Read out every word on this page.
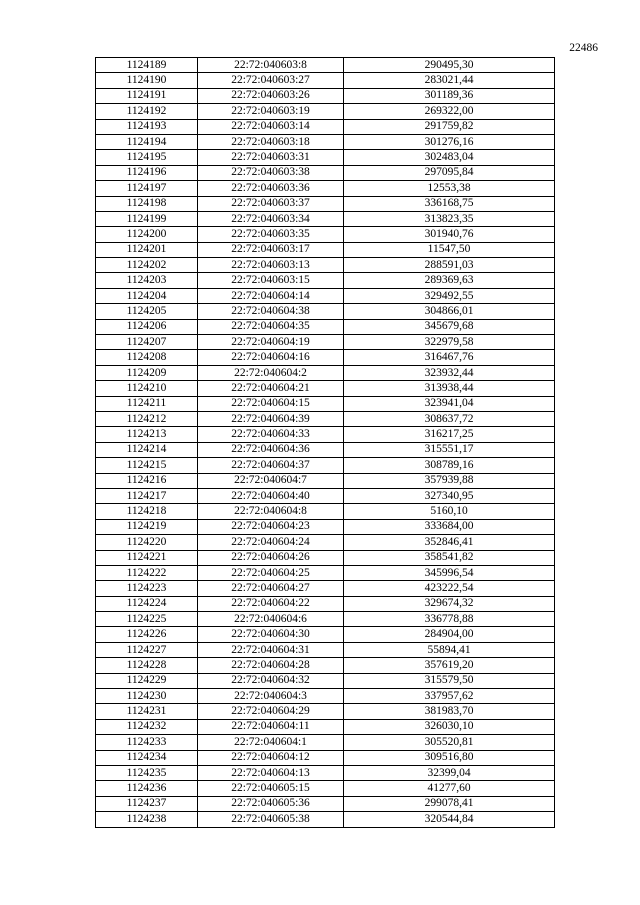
22486
1124189	22:72:040603:8	290495,30
1124190	22:72:040603:27	283021,44
1124191	22:72:040603:26	301189,36
1124192	22:72:040603:19	269322,00
1124193	22:72:040603:14	291759,82
1124194	22:72:040603:18	301276,16
1124195	22:72:040603:31	302483,04
1124196	22:72:040603:38	297095,84
1124197	22:72:040603:36	12553,38
1124198	22:72:040603:37	336168,75
1124199	22:72:040603:34	313823,35
1124200	22:72:040603:35	301940,76
1124201	22:72:040603:17	11547,50
1124202	22:72:040603:13	288591,03
1124203	22:72:040603:15	289369,63
1124204	22:72:040604:14	329492,55
1124205	22:72:040604:38	304866,01
1124206	22:72:040604:35	345679,68
1124207	22:72:040604:19	322979,58
1124208	22:72:040604:16	316467,76
1124209	22:72:040604:2	323932,44
1124210	22:72:040604:21	313938,44
1124211	22:72:040604:15	323941,04
1124212	22:72:040604:39	308637,72
1124213	22:72:040604:33	316217,25
1124214	22:72:040604:36	315551,17
1124215	22:72:040604:37	308789,16
1124216	22:72:040604:7	357939,88
1124217	22:72:040604:40	327340,95
1124218	22:72:040604:8	5160,10
1124219	22:72:040604:23	333684,00
1124220	22:72:040604:24	352846,41
1124221	22:72:040604:26	358541,82
1124222	22:72:040604:25	345996,54
1124223	22:72:040604:27	423222,54
1124224	22:72:040604:22	329674,32
1124225	22:72:040604:6	336778,88
1124226	22:72:040604:30	284904,00
1124227	22:72:040604:31	55894,41
1124228	22:72:040604:28	357619,20
1124229	22:72:040604:32	315579,50
1124230	22:72:040604:3	337957,62
1124231	22:72:040604:29	381983,70
1124232	22:72:040604:11	326030,10
1124233	22:72:040604:1	305520,81
1124234	22:72:040604:12	309516,80
1124235	22:72:040604:13	32399,04
1124236	22:72:040605:15	41277,60
1124237	22:72:040605:36	299078,41
1124238	22:72:040605:38	320544,84
